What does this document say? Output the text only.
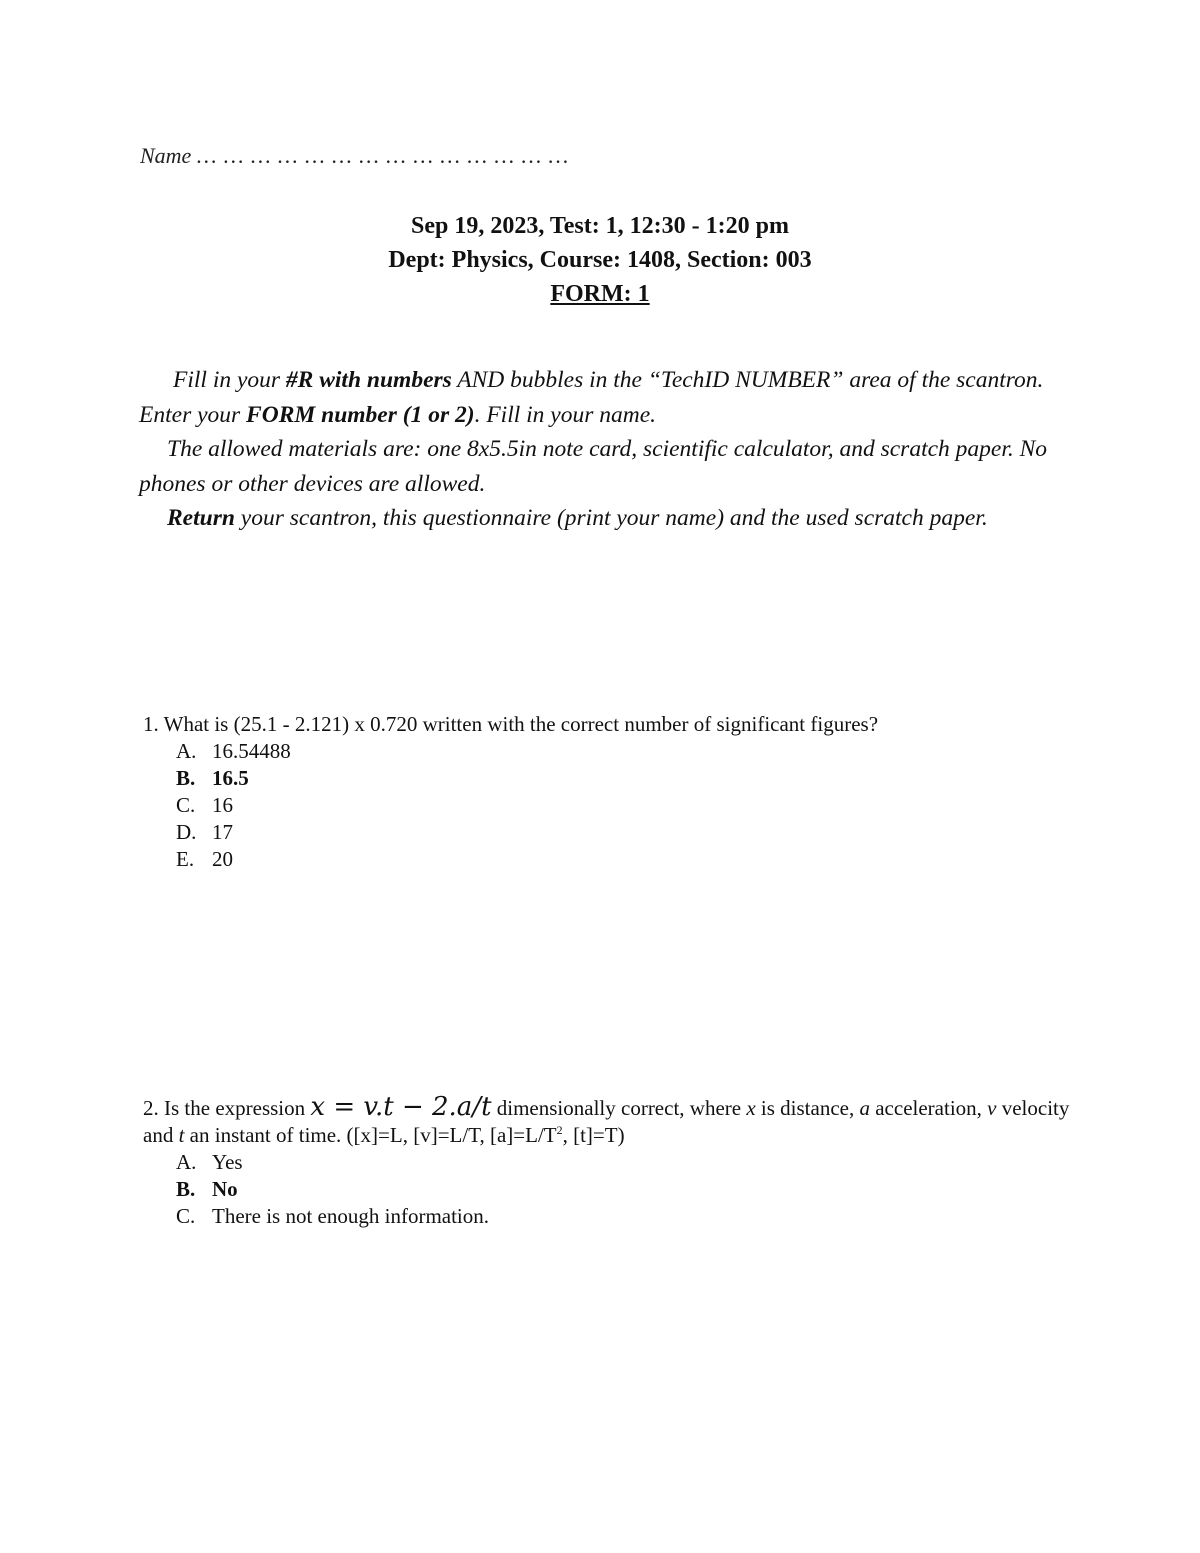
Name … … … … … … … … … … … … … …
Sep 19, 2023, Test: 1, 12:30 - 1:20 pm
Dept: Physics, Course: 1408, Section: 003
FORM: 1

Fill in your #R with numbers AND bubbles in the “TechID NUMBER” area of the scantron. Enter your FORM number (1 or 2). Fill in your name.

The allowed materials are: one 8x5.5in note card, scientific calculator, and scratch paper. No phones or other devices are allowed.

Return your scantron, this questionnaire (print your name) and the used scratch paper.

1. What is (25.1 - 2.121) x 0.720 written with the correct number of significant figures?

A. 16.54488
B. 16.5
C. 16
D. 17
E. 20

2. Is the expression x = v.t − 2.a/t dimensionally correct, where x is distance, a acceleration, v velocity and t an instant of time. ([x]=L, [v]=L/T, $[a]=L/T^2$, [t]=T)

A. Yes
B. No
C. There is not enough information.
